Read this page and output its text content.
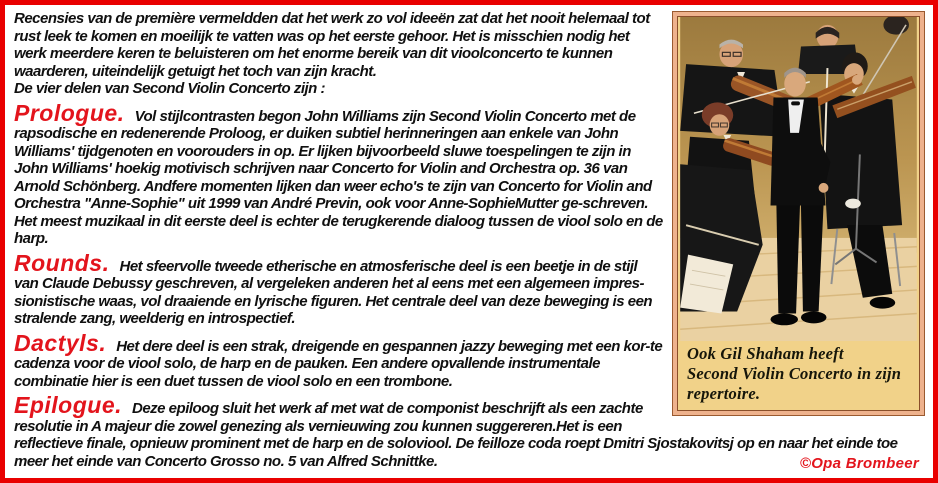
Ook Gil Shaham heeft
Second Violin Concerto in zijn
repertoire.

Recensies van de première vermeldden dat het werk zo vol ideeën zat dat het nooit helemaal tot rust leek te komen en moeilijk te vatten was op het eerste gehoor. Het is misschien nodig het werk meerdere keren te beluisteren om het enorme bereik van dit vioolconcerto te kunnen waarderen, uiteindelijk getuigt het toch van zijn kracht.

De vier delen van Second Violin Concerto zijn :

Prologue. Vol stijlcontrasten begon John Williams zijn Second Violin Concerto met de rapsodische en redenerende Proloog, er duiken subtiel herinneringen aan enkele van John Williams' tijdgenoten en voorouders in op. Er lijken bijvoorbeeld sluwe toespelingen te zijn in John Williams' hoekig motivisch schrijven naar Concerto for Violin and Orchestra op. 36 van Arnold Schönberg. Andfere momenten lijken dan weer echo's te zijn van Concerto for Violin and Orchestra "Anne-Sophie" uit 1999 van André Previn, ook voor Anne-SophieMutter ge-schreven. Het meest muzikaal in dit eerste deel is echter de terugkerende dialoog tussen de viool solo en de harp.
Rounds. Het sfeervolle tweede etherische en atmosferische deel is een beetje in de stijl van Claude Debussy geschreven, al vergeleken anderen het al eens met een algemeen impres-sionistische waas, vol draaiende en lyrische figuren. Het centrale deel van deze beweging is een stralende zang, weelderig en introspectief.
Dactyls. Het dere deel is een strak, dreigende en gespannen jazzy beweging met een kor-te cadenza voor de viool solo, de harp en de pauken. Een andere opvallende instrumentale combinatie hier is een duet tussen de viool solo en een trombone.
Epilogue. Deze epiloog sluit het werk af met wat de componist beschrijft als een zachte resolutie in A majeur die zowel genezing als vernieuwing zou kunnen suggereren.Het is een reflectieve finale, opnieuw prominent met de harp en de soloviool. De feilloze coda roept Dmitri Sjostakovitsj op en naar het einde toe meer het einde van Concerto Grosso no. 5 van Alfred Schnittke.	©Opa Brombeer
